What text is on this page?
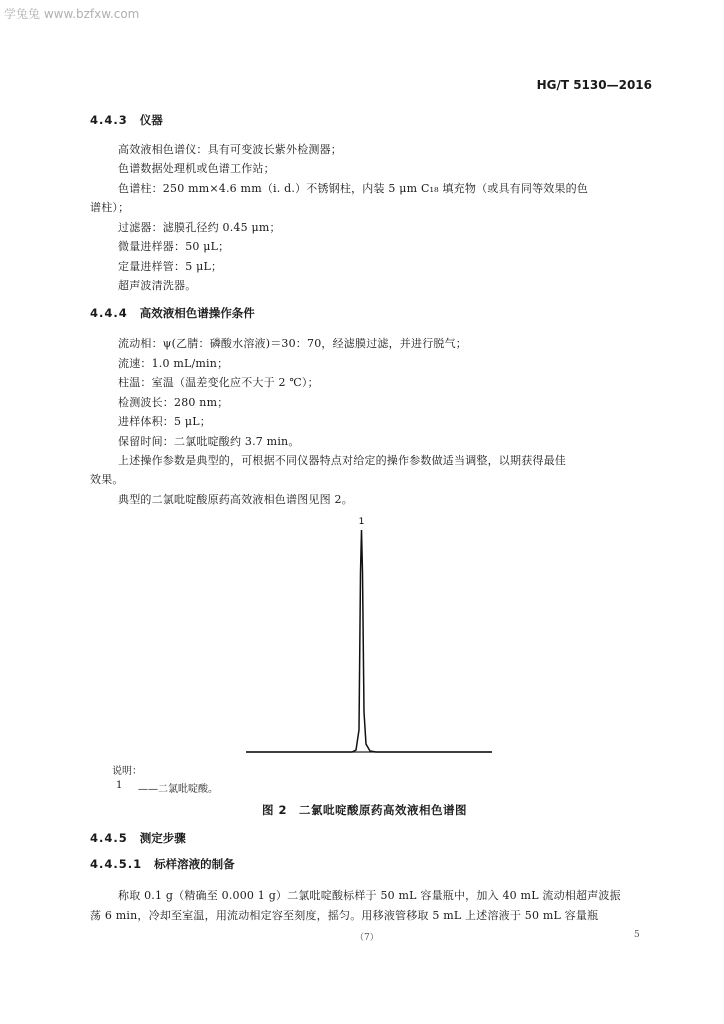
学兔兔 www.bzfxw.com
HG/T 5130—2016
4.4.3 仪器
高效液相色谱仪：具有可变波长紫外检测器；
色谱数据处理机或色谱工作站；
色谱柱：250 mm×4.6 mm（i. d.）不锈钢柱，内装 5 μm C₁₈ 填充物（或具有同等效果的色
谱柱）；
过滤器：滤膜孔径约 0.45 μm；
微量进样器：50 μL；
定量进样管：5 μL；
超声波清洗器。
4.4.4 高效液相色谱操作条件
流动相：ψ(乙腈：磷酸水溶液)＝30：70，经滤膜过滤，并进行脱气；
流速：1.0 mL/min；
柱温：室温（温差变化应不大于 2 ℃）；
检测波长：280 nm；
进样体积：5 μL；
保留时间：二氯吡啶酸约 3.7 min。
上述操作参数是典型的，可根据不同仪器特点对给定的操作参数做适当调整，以期获得最佳
效果。
典型的二氯吡啶酸原药高效液相色谱图见图 2。
1
说明：
1 ——二氯吡啶酸。
图 2　二氯吡啶酸原药高效液相色谱图
4.4.5 测定步骤
4.4.5.1 标样溶液的制备
称取 0.1 g（精确至 0.000 1 g）二氯吡啶酸标样于 50 mL 容量瓶中，加入 40 mL 流动相超声波振
荡 6 min，冷却至室温，用流动相定容至刻度，摇匀。用移液管移取 5 mL 上述溶液于 50 mL 容量瓶
（7）	5
